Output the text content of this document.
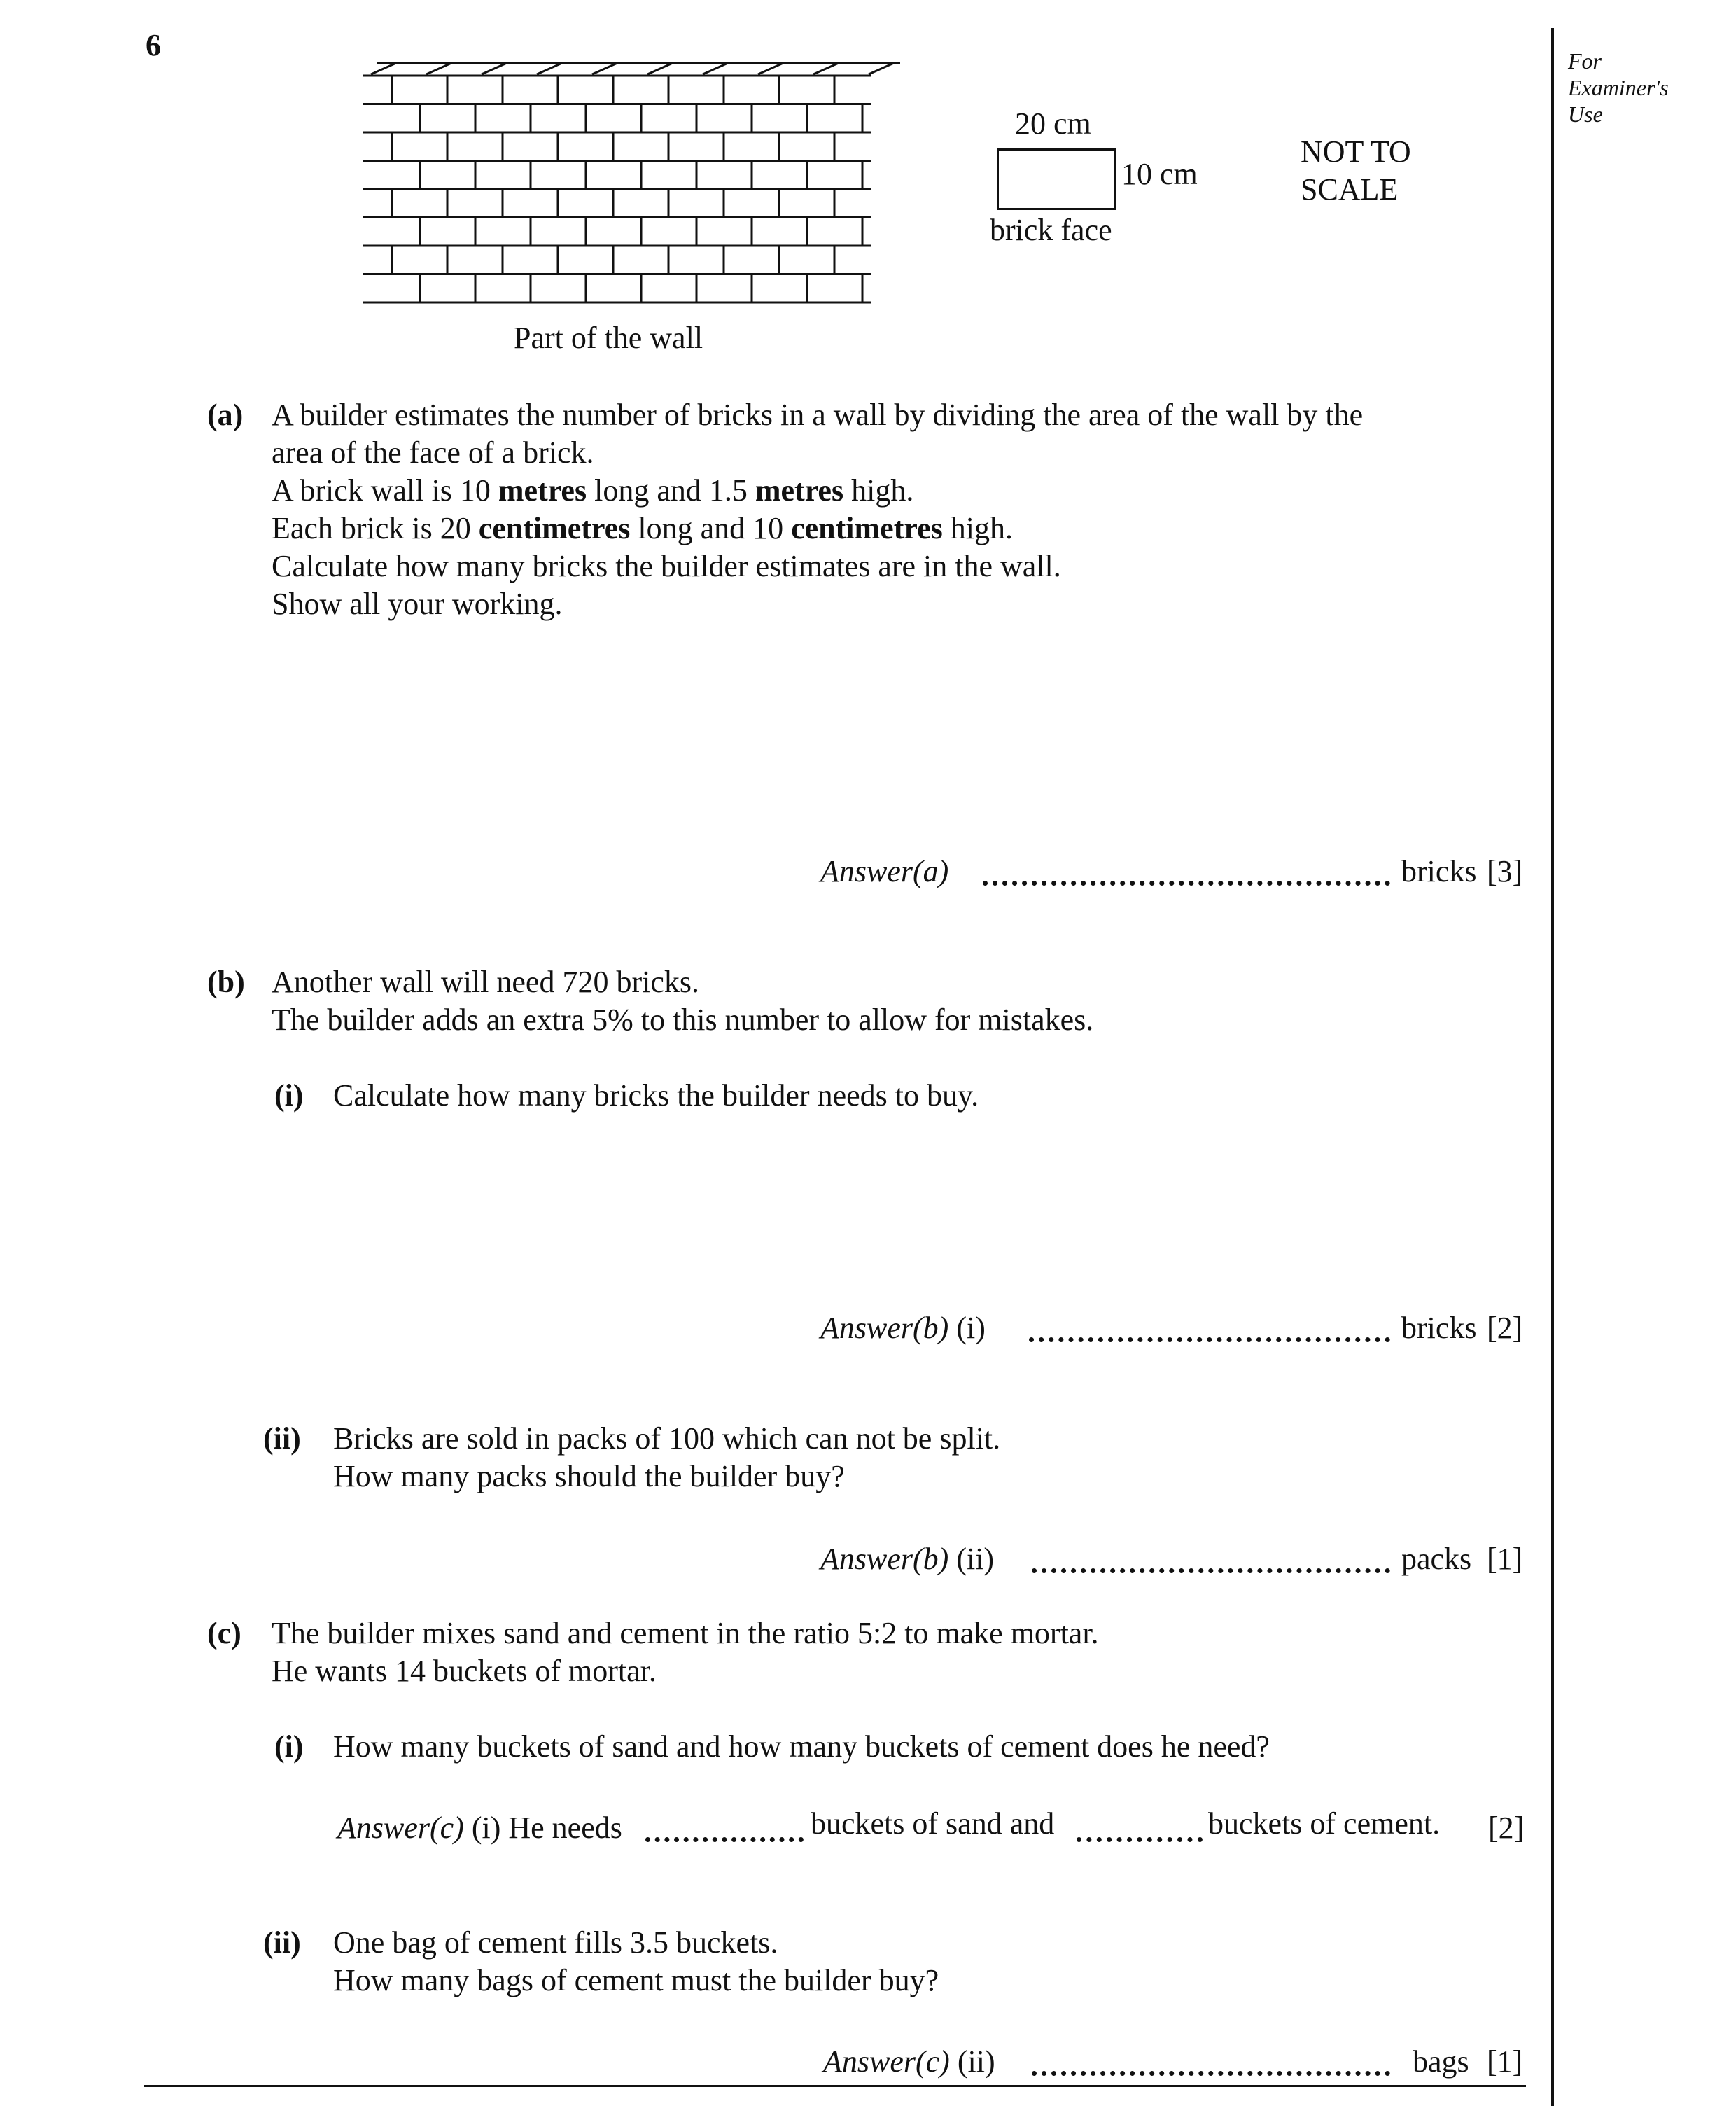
6	For
Examiner's
Use
Part of the wall
20 cm
10 cm
brick face
NOT TO
SCALE
(a) A builder estimates the number of bricks in a wall by dividing the area of the wall by the
area of the face of a brick.
A brick wall is 10 metres long and 1.5 metres high.
Each brick is 20 centimetres long and 10 centimetres high.
Calculate how many bricks the builder estimates are in the wall.
Show all your working.
Answer(a)	bricks [3]
(b) Another wall will need 720 bricks.
The builder adds an extra 5% to this number to allow for mistakes.
(i) Calculate how many bricks the builder needs to buy.
Answer(b) (i)	bricks [2]
(ii) Bricks are sold in packs of 100 which can not be split.
How many packs should the builder buy?
Answer(b) (ii)	packs [1]
(c) The builder mixes sand and cement in the ratio 5:2 to make mortar.
He wants 14 buckets of mortar.
(i) How many buckets of sand and how many buckets of cement does he need?
Answer(c) (i) He needs	buckets of sand and	buckets of cement. [2]
(ii) One bag of cement fills 3.5 buckets.
How many bags of cement must the builder buy?
Answer(c) (ii)	bags [1]
